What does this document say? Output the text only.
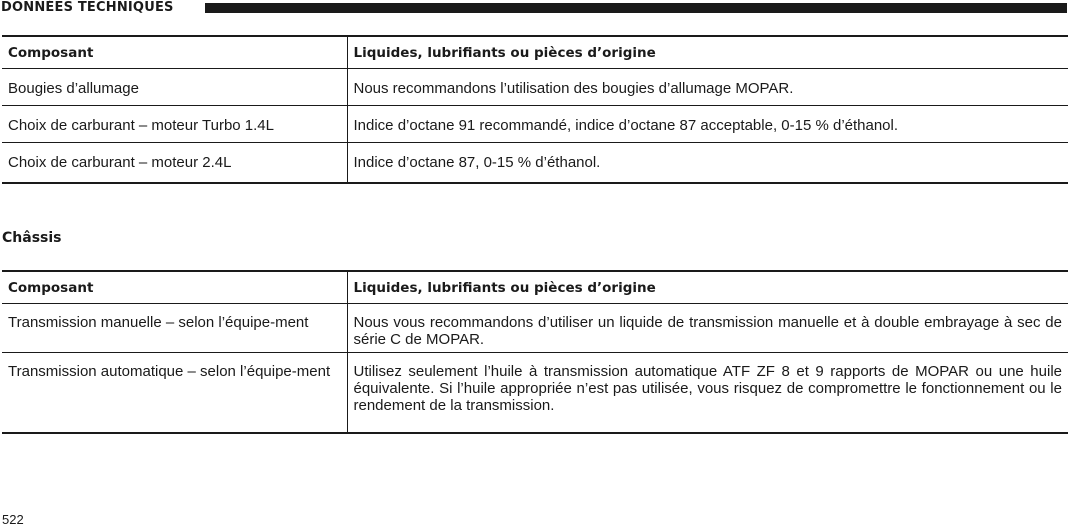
DONNÉES TECHNIQUES
Composant	Liquides, lubrifiants ou pièces d’origine
Bougies d’allumage	Nous recommandons l’utilisation des bougies d’allumage MOPAR.
Choix de carburant – moteur Turbo 1.4L	Indice d’octane 91 recommandé, indice d’octane 87 acceptable, 0-15 % d’éthanol.
Choix de carburant – moteur 2.4L	Indice d’octane 87, 0-15 % d’éthanol.
Châssis
Composant	Liquides, lubrifiants ou pièces d’origine
Transmission manuelle – selon l’équipe-ment	Nous vous recommandons d’utiliser un liquide de transmission manuelle et à double embrayage à sec de série C de MOPAR.
Transmission automatique – selon l’équipe-ment	Utilisez seulement l’huile à transmission automatique ATF ZF 8 et 9 rapports de MOPAR ou une huile équivalente. Si l’huile appropriée n’est pas utilisée, vous risquez de compromettre le fonctionnement ou le rendement de la transmission.
522
